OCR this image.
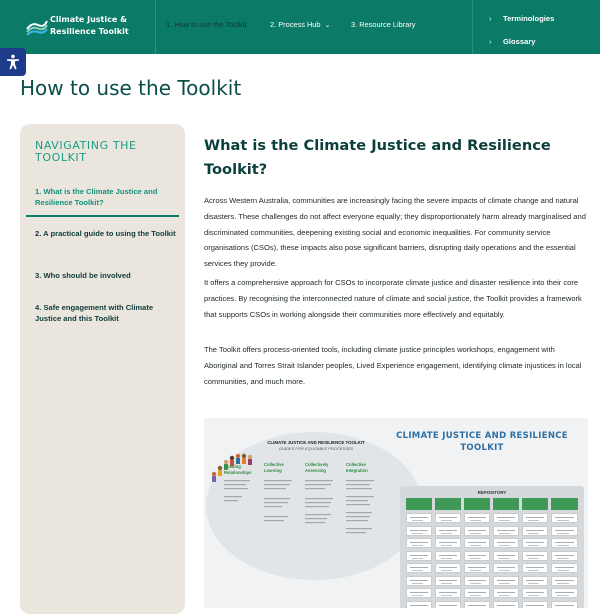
Climate Justice &
Resilience Toolkit
1. How to use the Toolkit	2. Process Hub ⌄	3. Resource Library
› Terminologies
› Glossary
How to use the Toolkit
NAVIGATING THE TOOLKIT
1. What is the Climate Justice and Resilience Toolkit?
2. A practical guide to using the Toolkit
3. Who should be involved
4. Safe engagement with Climate Justice and this Toolkit
What is the Climate Justice and Resilience Toolkit?

Across Western Australia, communities are increasingly facing the severe impacts of climate change and natural disasters. These challenges do not affect everyone equally; they disproportionately harm already marginalised and discriminated communities, deepening existing social and economic inequalities. For community service organisations (CSOs), these impacts also pose significant barriers, disrupting daily operations and the essential services they provide.

It offers a comprehensive approach for CSOs to incorporate climate justice and disaster resilience into their core practices. By recognising the interconnected nature of climate and social justice, the Toolkit provides a framework that supports CSOs in working alongside their communities more effectively and equitably.

The Toolkit offers process-oriented tools, including climate justice principles workshops, engagement with Aboriginal and Torres Strait Islander peoples, Lived Experience engagement, identifying climate injustices in local communities, and much more.

CLIMATE JUSTICE AND RESILIENCE TOOLKIT
GUIDES FOR EQUITABLE PROCESSES
Building Relationships
Collective Learning
Collectively Assessing
Collective Integration
CLIMATE JUSTICE AND RESILIENCE TOOLKIT
REPOSITORY
